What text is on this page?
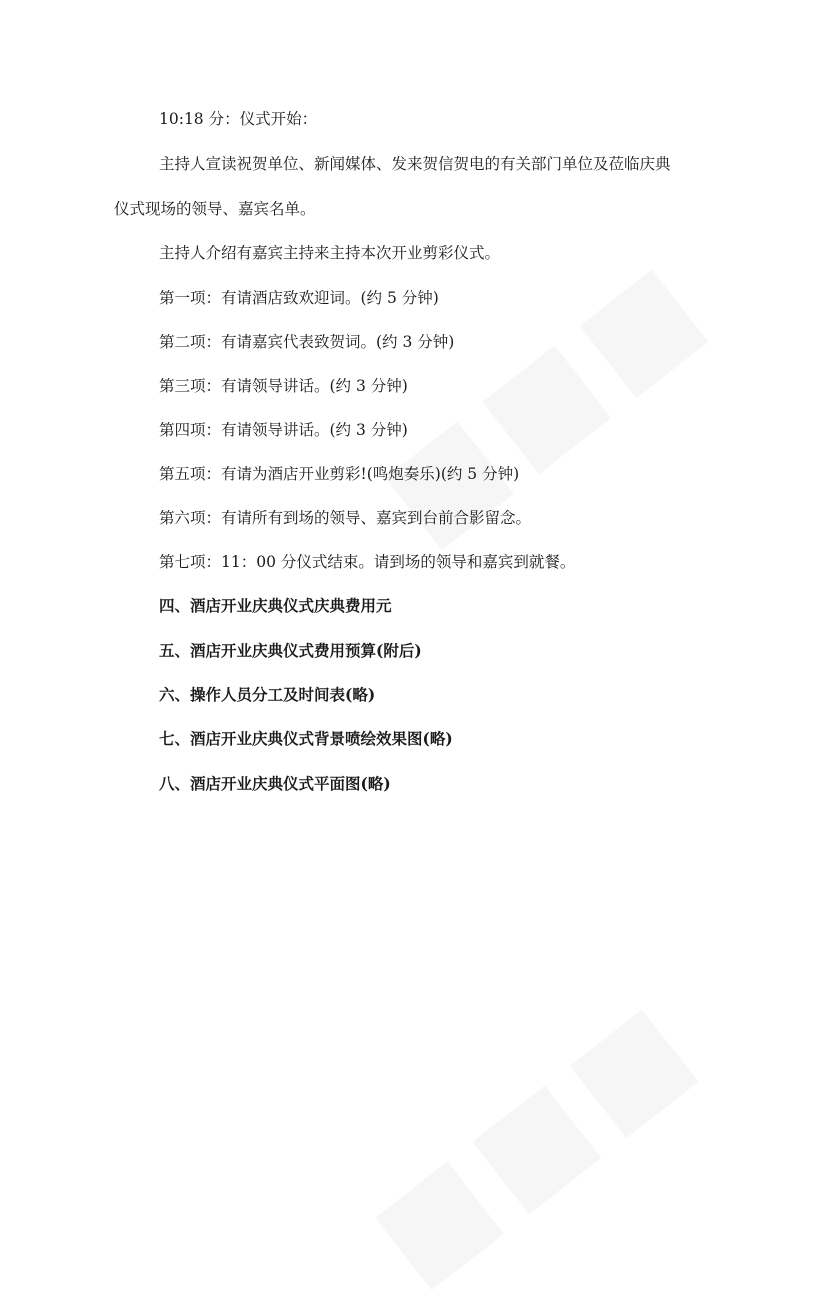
10:18 分：仪式开始：

主持人宣读祝贺单位、新闻媒体、发来贺信贺电的有关部门单位及莅临庆典

仪式现场的领导、嘉宾名单。

主持人介绍有嘉宾主持来主持本次开业剪彩仪式。

第一项：有请酒店致欢迎词。(约 5 分钟)

第二项：有请嘉宾代表致贺词。(约 3 分钟)

第三项：有请领导讲话。(约 3 分钟)

第四项：有请领导讲话。(约 3 分钟)

第五项：有请为酒店开业剪彩!(鸣炮奏乐)(约 5 分钟)

第六项：有请所有到场的领导、嘉宾到台前合影留念。

第七项：11：00 分仪式结束。请到场的领导和嘉宾到就餐。

四、酒店开业庆典仪式庆典费用元

五、酒店开业庆典仪式费用预算(附后)

六、操作人员分工及时间表(略)

七、酒店开业庆典仪式背景喷绘效果图(略)

八、酒店开业庆典仪式平面图(略)
